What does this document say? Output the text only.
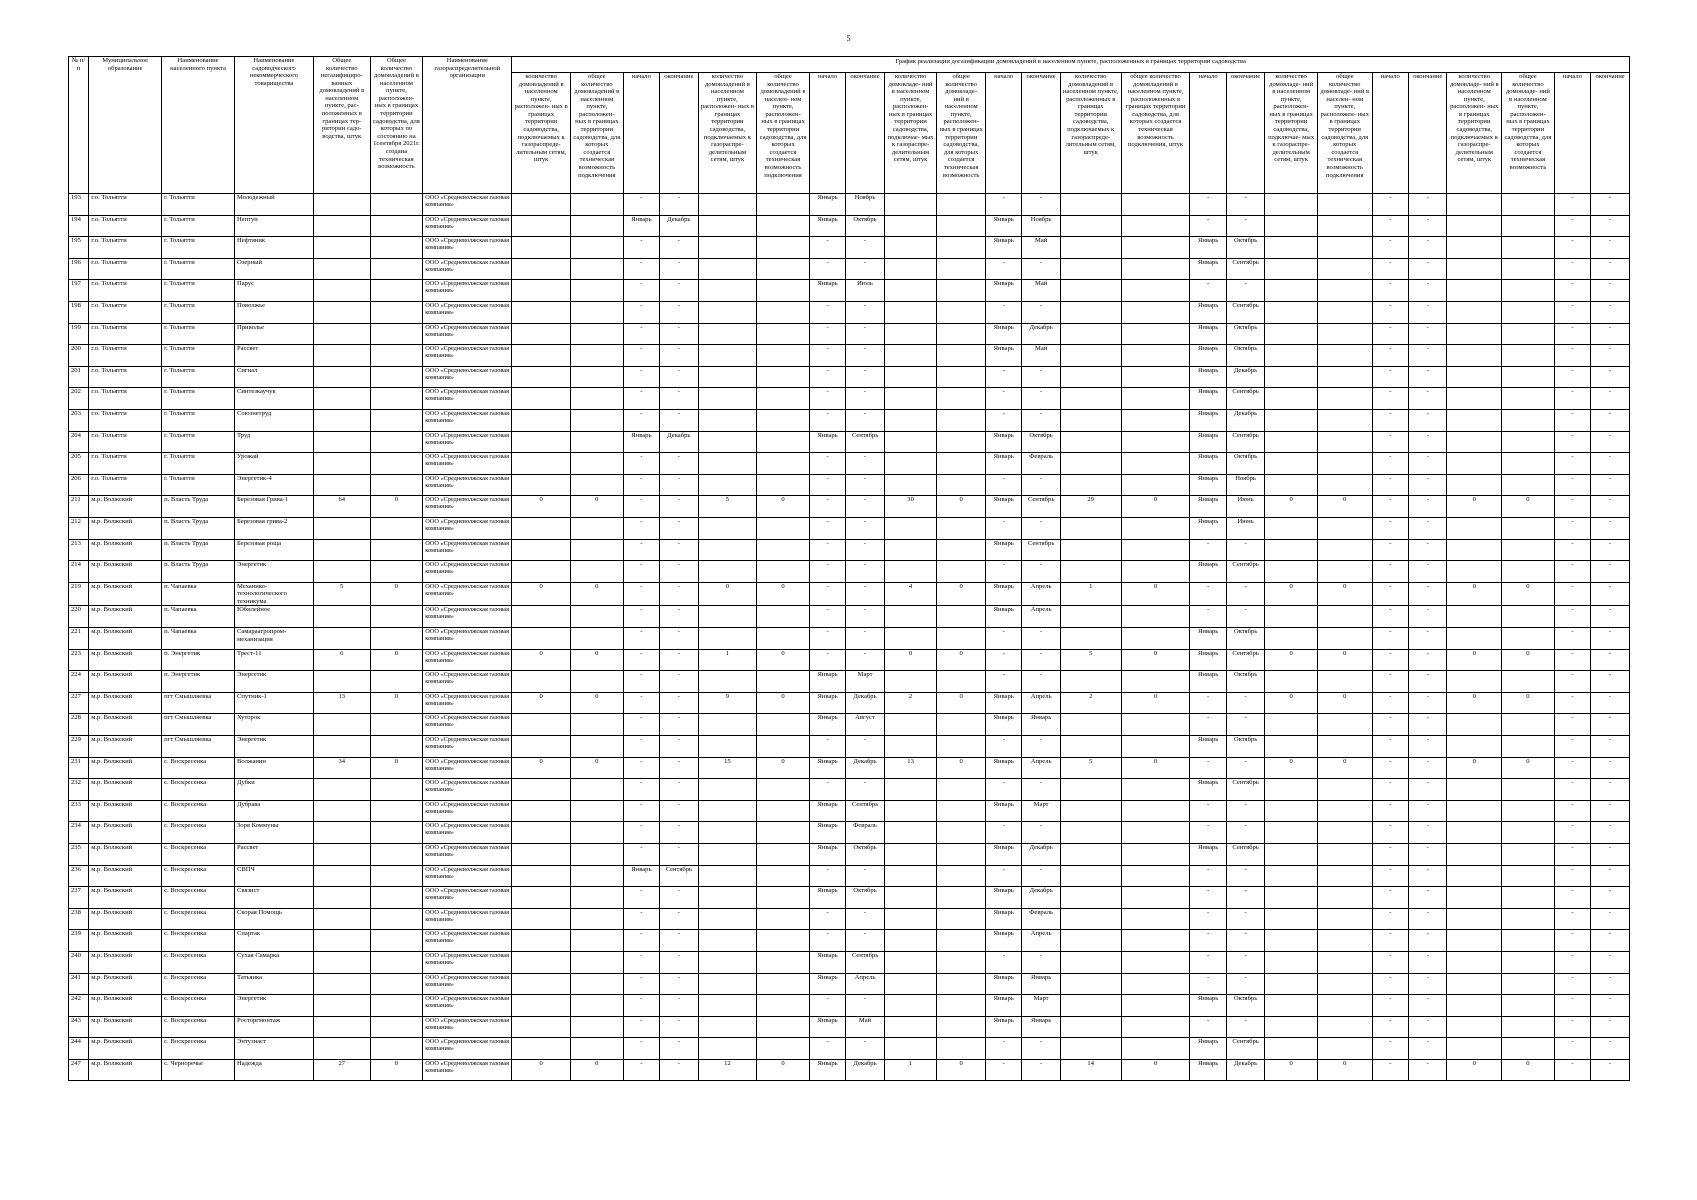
5
№ п/п	Муниципальное образование	Наименование населенного пункта	Наименование садоводческого некоммерческого товарищества	Общее количество негазифициро- ванных домовладений в населенном пункте, рас- положенных в границах тер- ритории садо- водства, штук	Общее количество домовладений в населенном пункте, расположен- ных в границах территории садоводства, для которых по состоянию на 1сентября 2021г. создана техническая возможность	Наименование газораспределительной организации	График реализации догазификации домовладений в населенном пункте, расположенных в границах территории садоводства																							

							количество домовладений в населенном пункте, расположен- ных в границах территории садоводства, подключаемых к газораспреде- лительным сетям, штук	общее количество домовладений в населенном пункте, расположен- ных в границах территории садоводства, для которых создается техническая возможность подключения	начало	окончание	количество домовладений в населенном пункте, расположен- ных в границах территории садоводства, подключаемых к газораспре- делительным сетям, штук	общее количество домовладений в населен- ном пункте, расположен- ных в границах территории садоводства, для которых создается техническая возможность подключения	начало	окончание	количество домовладе- ний в населенном пункте, расположен- ных в границах территории садоводства, подключае- мых к газораспре- делительным сетям, штук	общее количество домовладе- ний в населенном пункте, расположен- ных в границах территории садоводства, для которых создается техническая возможность	начало	окончание	количество домовладений в населенном пункте, расположенных в границах территории садоводства, подключаемых к газораспреде- лительным сетям, штук	общее количество домовладений в населенном пункте, расположенных в границах территории садоводства, для которых создается техническая возможность подключения, штук	начало	окончание	количество домовладе- ний в населенном пункте, расположен- ных в границах территории садоводства, подключае- мых к газораспре- делительным сетям, штук	общее количество домовладе- ний в населен- ном пункте, расположен- ных в границах территории садоводства, для которых создается техническая возможность подключения	начало	окончание	количество домовладе- ний в населенном пункте, расположен- ных в границах территории садоводства, подключаемых к газораспре- делительным сетям, штук	общее количество домовладе- ний в населенном пункте, расположен- ных в границах территории садоводства, для которых создается техническая возможность	начало	окончание

193	г.о. Тольятти	г. Тольятти	Молодежный			ООО «Средневолжская газовая компания»			-	-			Январь	Ноябрь			-	-			-	-			-	-			-	-
194	г.о. Тольятти	г. Тольятти	Нептун			ООО «Средневолжская газовая компания»			Январь	Декабрь			Январь	Октябрь			Январь	Ноябрь			-	-			-	-			-	-
195	г.о. Тольятти	г. Тольятти	Нефтяник			ООО «Средневолжская газовая компания»			-	-			-	-			Январь	Май			Январь	Октябрь			-	-			-	-
196	г.о. Тольятти	г. Тольятти	Озерный			ООО «Средневолжская газовая компания»			-	-			-	-			-	-			Январь	Сентябрь			-	-			-	-
197	г.о. Тольятти	г. Тольятти	Парус			ООО «Средневолжская газовая компания»			-	-			Январь	Июль			Январь	Май			-	-			-	-			-	-
198	г.о. Тольятти	г. Тольятти	Поволжье			ООО «Средневолжская газовая компания»			-	-			-	-			-	-			Январь	Сентябрь			-	-			-	-
199	г.о. Тольятти	г. Тольятти	Приволье			ООО «Средневолжская газовая компания»			-	-			-	-			Январь	Декабрь			Январь	Октябрь			-	-			-	-
200	г.о. Тольятти	г. Тольятти	Рассвет			ООО «Средневолжская газовая компания»			-	-			-	-			Январь	Май			Январь	Октябрь			-	-			-	-
201	г.о. Тольятти	г. Тольятти	Сигнал			ООО «Средневолжская газовая компания»			-	-			-	-			-	-			Январь	Декабрь			-	-			-	-
202	г.о. Тольятти	г. Тольятти	Синтезкаучук			ООО «Средневолжская газовая компания»			-	-			-	-			-	-			Январь	Сентябрь			-	-			-	-
203	г.о. Тольятти	г. Тольятти	Союзнетруд			ООО «Средневолжская газовая компания»			-	-			-	-			-	-			Январь	Декабрь			-	-			-	-
204	г.о. Тольятти	г. Тольятти	Труд			ООО «Средневолжская газовая компания»			Январь	Декабрь			Январь	Сентябрь			Январь	Октябрь			Январь	Сентябрь			-	-			-	-
205	г.о. Тольятти	г. Тольятти	Урожай			ООО «Средневолжская газовая компания»			-	-			-	-			Январь	Февраль			Январь	Октябрь			-	-			-	-
206	г.о. Тольятти	г. Тольятти	Энергетик-4			ООО «Средневолжская газовая компания»			-	-			-	-			-	-			Январь	Ноябрь			-	-			-	-
211	м.р. Волжский	п. Власть Труда	Березовая Грива-1	64	0	ООО «Средневолжская газовая компания»	0	0	-	-	5	0	-	-	30	0	Январь	Сентябрь	29	0	Январь	Июнь	0	0	-	-	0	0	-	-
212	м.р. Волжский	п. Власть Труда	Березовая грива-2			ООО «Средневолжская газовая компания»			-	-			-	-			-	-			Январь	Июнь			-	-			-	-
213	м.р. Волжский	п. Власть Труда	Березовая роща			ООО «Средневолжская газовая компания»			-	-			-	-			Январь	Сентябрь			-	-			-	-			-	-
214	м.р. Волжский	п. Власть Труда	Энергетик			ООО «Средневолжская газовая компания»			-	-			-	-			-	-			Январь	Сентябрь			-	-			-	-
219	м.р. Волжский	п. Чапаевка	Механико-технологического техникума	5	0	ООО «Средневолжская газовая компания»	0	0	-	-	0	0	-	-	4	0	Январь	Апрель	1	0	-	-	0	0	-	-	0	0	-	-
220	м.р. Волжский	п. Чапаевка	Юбилейное			ООО «Средневолжская газовая компания»			-	-			-	-			Январь	Апрель			-	-			-	-			-	-
221	м.р. Волжский	п. Чапаевка	Самараагропром-механизация			ООО «Средневолжская газовая компания»			-	-			-	-			-	-			Январь	Октябрь			-	-			-	-
223	м.р. Волжский	п. Энергетик	Трест-11	6	0	ООО «Средневолжская газовая компания»	0	0	-	-	1	0	-	-	0	0	-	-	5	0	Январь	Сентябрь	0	0	-	-	0	0	-	-
224	м.р. Волжский	п. Энергетик	Энергетик			ООО «Средневолжская газовая компания»			-	-			Январь	Март			-	-			Январь	Октябрь			-	-			-	-
227	м.р. Волжский	пгт Смышляевка	Спутник-1	13	0	ООО «Средневолжская газовая компания»	0	0	-	-	9	0	Январь	Декабрь	2	0	Январь	Апрель	2	0	-	-	0	0	-	-	0	0	-	-
228	м.р. Волжский	пгт Смышляевка	Хуторок			ООО «Средневолжская газовая компания»			-	-			Январь	Август			Январь	Январь			-	-			-	-			-	-
229	м.р. Волжский	пгт Смышляевка	Энергетик			ООО «Средневолжская газовая компания»			-	-			-	-			-	-			Январь	Октябрь			-	-			-	-
231	м.р. Волжский	с. Воскресенка	Волжанин	34	0	ООО «Средневолжская газовая компания»	0	0	-	-	15	0	Январь	Декабрь	13	0	Январь	Апрель	5	0	-	-	0	0	-	-	0	0	-	-
232	м.р. Волжский	с. Воскресенка	Дубки			ООО «Средневолжская газовая компания»			-	-			-	-			-	-			Январь	Сентябрь			-	-			-	-
233	м.р. Волжский	с. Воскресенка	Дубрава			ООО «Средневолжская газовая компания»			-	-			Январь	Сентябрь			Январь	Март			-	-			-	-			-	-
234	м.р. Волжский	с. Воскресенка	Зоря Коммуны			ООО «Средневолжская газовая компания»			-	-			Январь	Февраль			-	-			-	-			-	-			-	-
235	м.р. Волжский	с. Воскресенка	Рассвет			ООО «Средневолжская газовая компания»			-	-			Январь	Октябрь			Январь	Декабрь			Январь	Сентябрь			-	-			-	-
236	м.р. Волжский	с. Воскресенка	СВПЧ			ООО «Средневолжская газовая компания»			Январь	Сентябрь			-	-			-	-			-	-			-	-			-	-
237	м.р. Волжский	с. Воскресенка	Связист			ООО «Средневолжская газовая компания»			-	-			Январь	Октябрь			Январь	Декабрь			-	-			-	-			-	-
238	м.р. Волжский	с. Воскресенка	Скорая Помощь			ООО «Средневолжская газовая компания»			-	-			-	-			Январь	Февраль			-	-			-	-			-	-
239	м.р. Волжский	с. Воскресенка	Спартак			ООО «Средневолжская газовая компания»			-	-			-	-			Январь	Апрель			-	-			-	-			-	-
240	м.р. Волжский	с. Воскресенка	Сухая Самарка			ООО «Средневолжская газовая компания»			-	-			Январь	Сентябрь			-	-			-	-			-	-			-	-
241	м.р. Волжский	с. Воскресенка	Татьянка			ООО «Средневолжская газовая компания»			-	-			Январь	Апрель			Январь	Январь			-	-			-	-			-	-
242	м.р. Волжский	с. Воскресенка	Энергетик			ООО «Средневолжская газовая компания»			-	-			-	-			Январь	Март			Январь	Октябрь			-	-			-	-
243	м.р. Волжский	с. Воскресенка	Росторгмонтаж			ООО «Средневолжская газовая компания»			-	-			Январь	Май			Январь	Январь			-	-			-	-			-	-
244	м.р. Волжский	с. Воскресенка	Энтузиаст			ООО «Средневолжская газовая компания»			-	-			-	-			-	-			Январь	Сентябрь			-	-			-	-
247	м.р. Волжский	с. Черноречье	Надежда	27	0	ООО «Средневолжская газовая компания»	0	0	-	-	12	0	Январь	Декабрь	1	0	-	-	14	0	Январь	Декабрь	0	0	-	-	0	0	-	-
